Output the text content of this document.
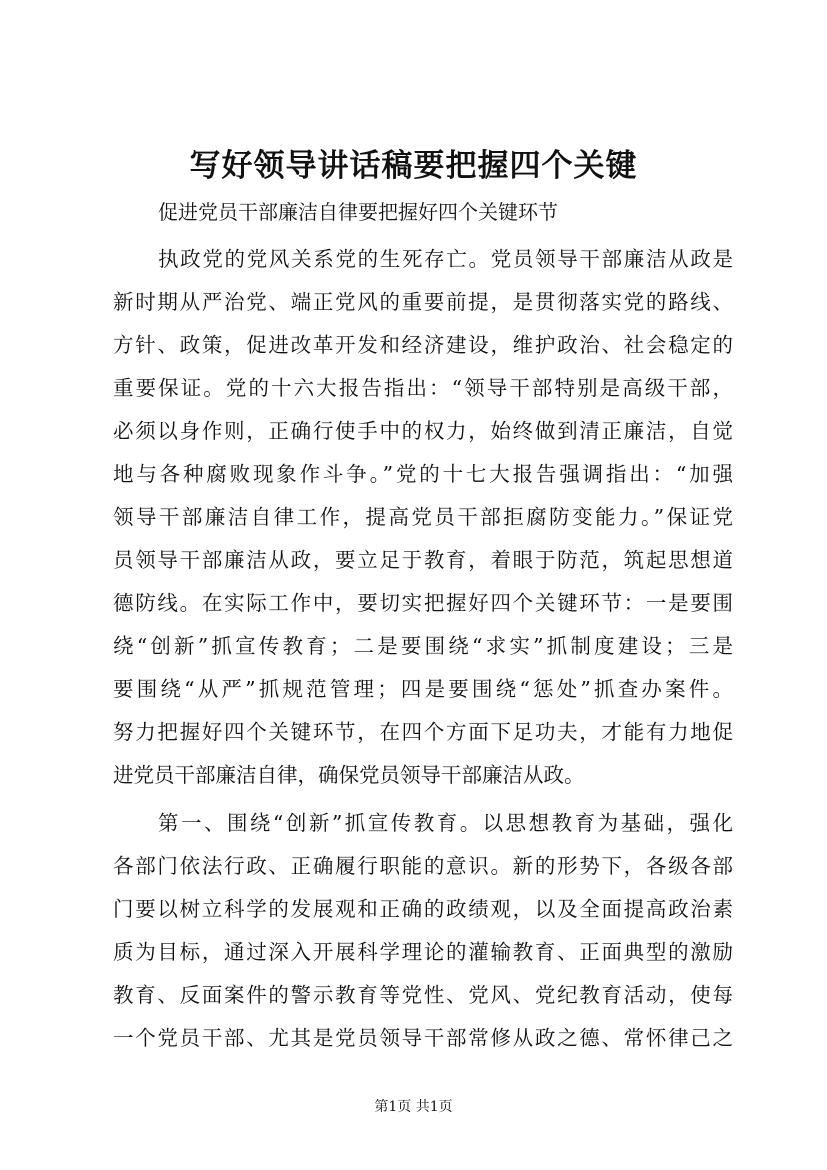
写好领导讲话稿要把握四个关键
促进党员干部廉洁自律要把握好四个关键环节
执政党的党风关系党的生死存亡。党员领导干部廉洁从政是
新时期从严治党、端正党风的重要前提，是贯彻落实党的路线、
方针、政策，促进改革开发和经济建设，维护政治、社会稳定的
重要保证。党的十六大报告指出：“领导干部特别是高级干部，
必须以身作则，正确行使手中的权力，始终做到清正廉洁，自觉
地与各种腐败现象作斗争。”党的十七大报告强调指出：“加强
领导干部廉洁自律工作，提高党员干部拒腐防变能力。”保证党
员领导干部廉洁从政，要立足于教育，着眼于防范，筑起思想道
德防线。在实际工作中，要切实把握好四个关键环节：一是要围
绕“创新”抓宣传教育；二是要围绕“求实”抓制度建设；三是
要围绕“从严”抓规范管理；四是要围绕“惩处”抓查办案件。
努力把握好四个关键环节，在四个方面下足功夫，才能有力地促
进党员干部廉洁自律，确保党员领导干部廉洁从政。
第一、围绕“创新”抓宣传教育。以思想教育为基础，强化
各部门依法行政、正确履行职能的意识。新的形势下，各级各部
门要以树立科学的发展观和正确的政绩观，以及全面提高政治素
质为目标，通过深入开展科学理论的灌输教育、正面典型的激励
教育、反面案件的警示教育等党性、党风、党纪教育活动，使每
一个党员干部、尤其是党员领导干部常修从政之德、常怀律己之
第1页 共1页
